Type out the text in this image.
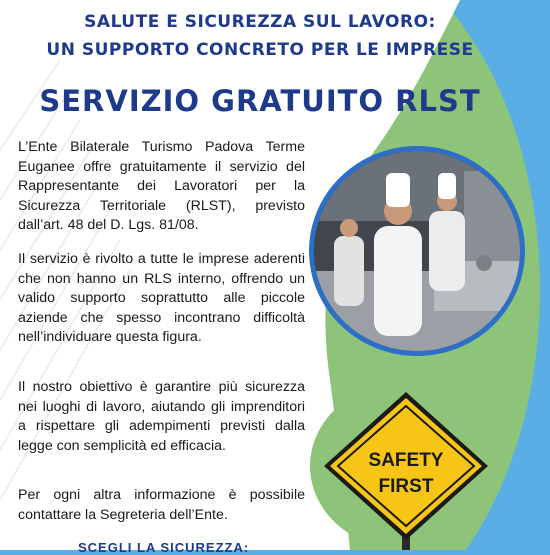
SALUTE E SICUREZZA SUL LAVORO:
UN SUPPORTO CONCRETO PER LE IMPRESE
SERVIZIO GRATUITO RLST
L’Ente Bilaterale Turismo Padova Terme Euganee offre gratuitamente il servizio del Rappresentante dei Lavoratori per la Sicurezza Territoriale (RLST), previsto dall’art. 48 del D. Lgs. 81/08.
Il servizio è rivolto a tutte le imprese aderenti che non hanno un RLS interno, offrendo un valido supporto soprattutto alle piccole aziende che spesso incontrano difficoltà nell’individuare questa figura.
Il nostro obiettivo è garantire più sicurezza nei luoghi di lavoro, aiutando gli imprenditori a rispettare gli adempimenti previsti dalla legge con semplicità ed efficacia.
Per ogni altra informazione è possibile contattare la Segreteria dell’Ente.
SCEGLI LA SICUREZZA:
SAFETY
FIRST
